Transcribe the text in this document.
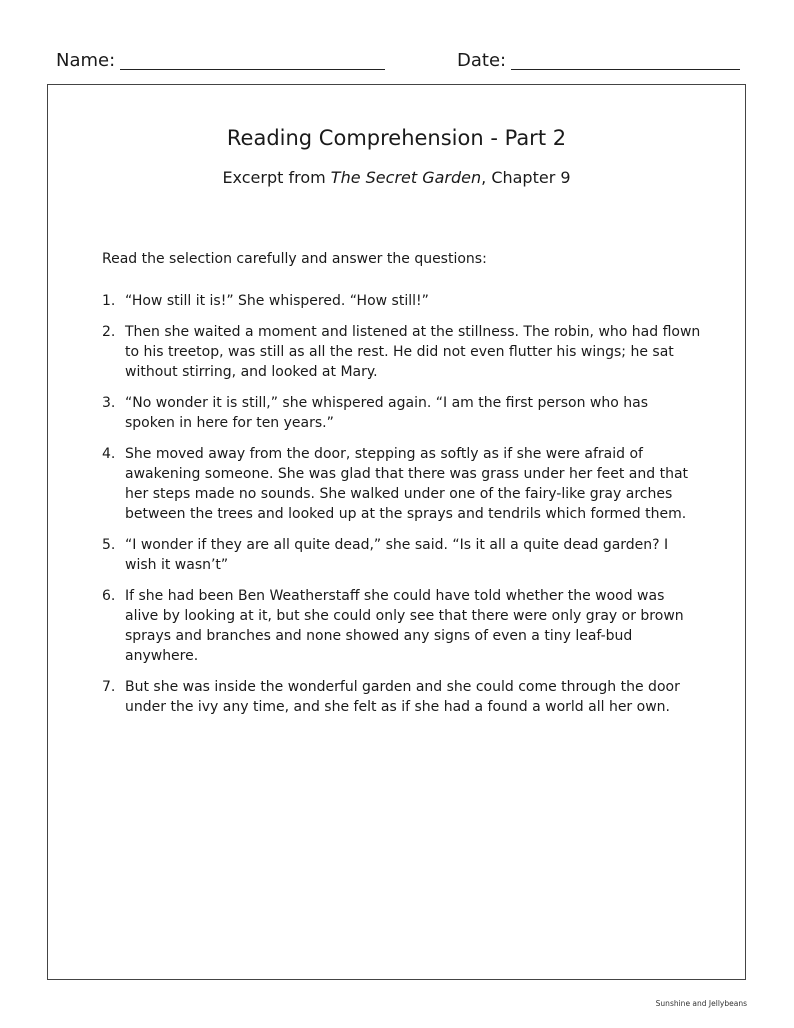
Name:	Date:
Reading Comprehension - Part 2
Excerpt from The Secret Garden, Chapter 9
Read the selection carefully and answer the questions:
1. “How still it is!” She whispered. “How still!”
2. Then she waited a moment and listened at the stillness. The robin, who had flown to his treetop, was still as all the rest. He did not even flutter his wings; he sat without stirring, and looked at Mary.
3. “No wonder it is still,” she whispered again. “I am the first person who has spoken in here for ten years.”
4. She moved away from the door, stepping as softly as if she were afraid of awakening someone. She was glad that there was grass under her feet and that her steps made no sounds. She walked under one of the fairy-like gray arches between the trees and looked up at the sprays and tendrils which formed them.
5. “I wonder if they are all quite dead,” she said. “Is it all a quite dead garden? I wish it wasn’t”
6. If she had been Ben Weatherstaff she could have told whether the wood was alive by looking at it, but she could only see that there were only gray or brown sprays and branches and none showed any signs of even a tiny leaf-bud anywhere.
7. But she was inside the wonderful garden and she could come through the door under the ivy any time, and she felt as if she had a found a world all her own.
Sunshine and Jellybeans
